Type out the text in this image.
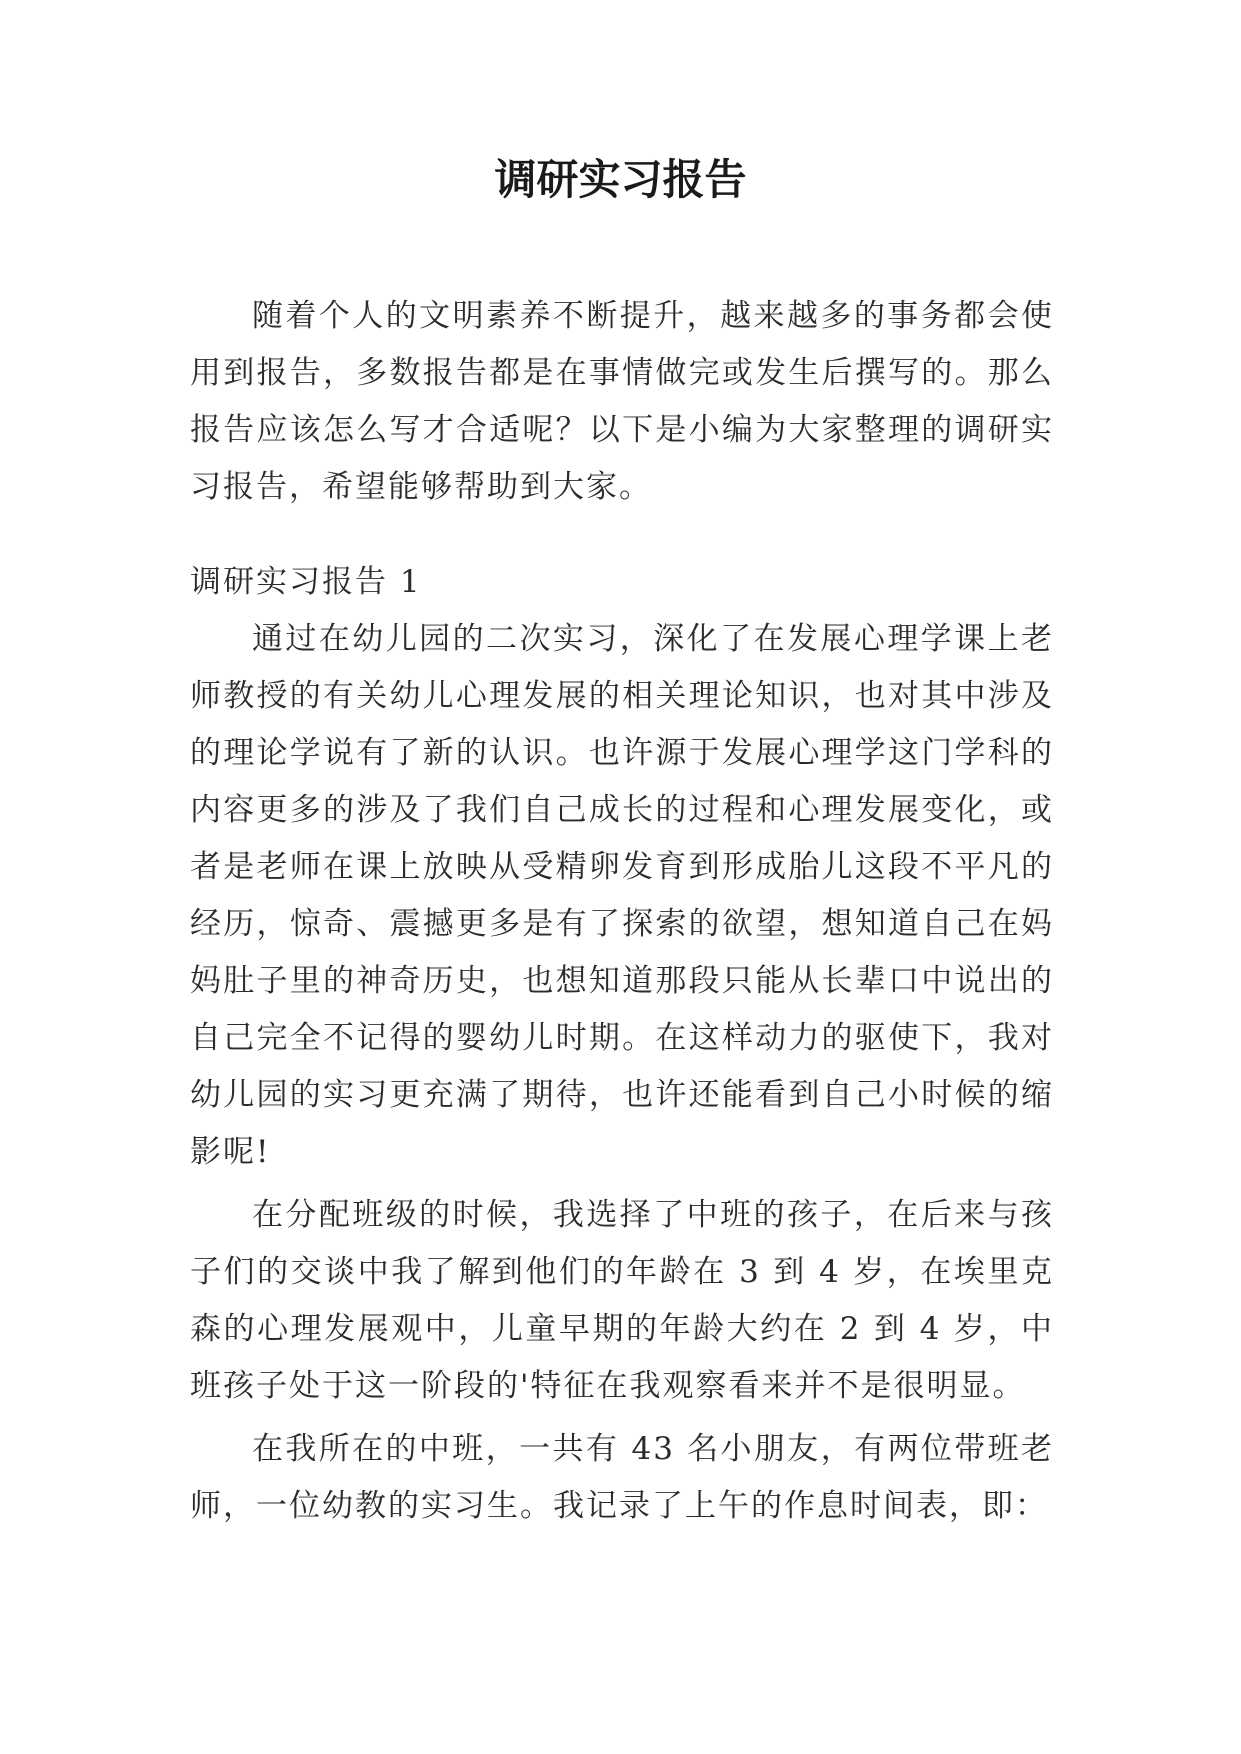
调研实习报告

随着个人的文明素养不断提升，越来越多的事务都会使用到报告，多数报告都是在事情做完或发生后撰写的。那么报告应该怎么写才合适呢？以下是小编为大家整理的调研实习报告，希望能够帮助到大家。

调研实习报告 1

通过在幼儿园的二次实习，深化了在发展心理学课上老师教授的有关幼儿心理发展的相关理论知识，也对其中涉及的理论学说有了新的认识。也许源于发展心理学这门学科的内容更多的涉及了我们自己成长的过程和心理发展变化，或者是老师在课上放映从受精卵发育到形成胎儿这段不平凡的经历，惊奇、震撼更多是有了探索的欲望，想知道自己在妈妈肚子里的神奇历史，也想知道那段只能从长辈口中说出的自己完全不记得的婴幼儿时期。在这样动力的驱使下，我对幼儿园的实习更充满了期待，也许还能看到自己小时候的缩影呢!

在分配班级的时候，我选择了中班的孩子，在后来与孩子们的交谈中我了解到他们的年龄在 3 到 4 岁，在埃里克森的心理发展观中，儿童早期的年龄大约在 2 到 4 岁，中班孩子处于这一阶段的'特征在我观察看来并不是很明显。

在我所在的中班，一共有 43 名小朋友，有两位带班老师，一位幼教的实习生。我记录了上午的作息时间表，即：
